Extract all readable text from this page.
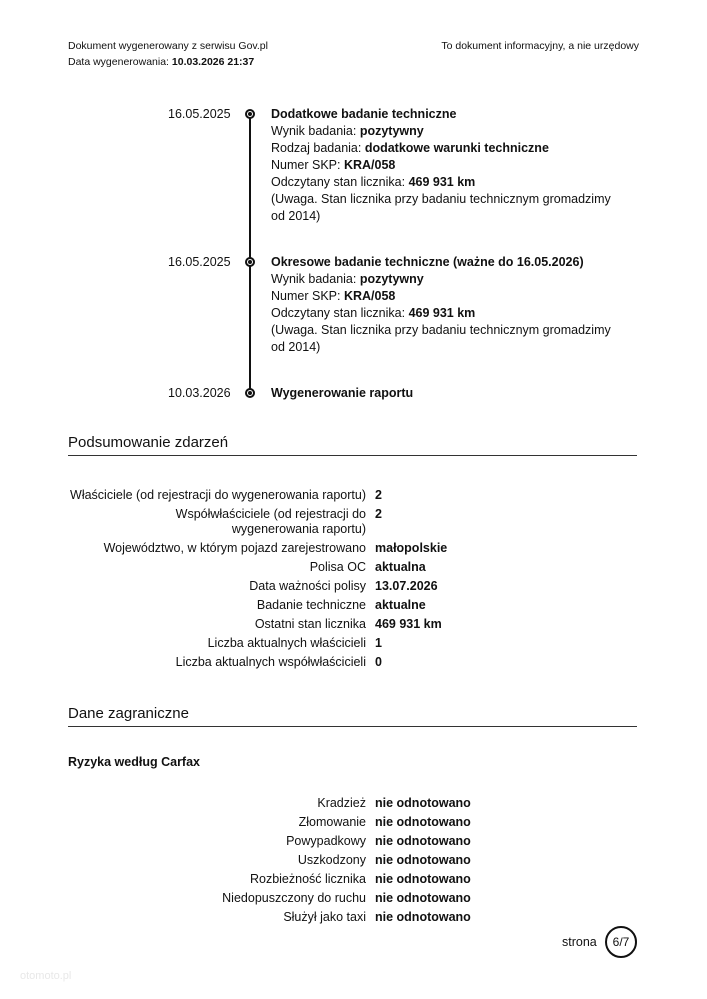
Dokument wygenerowany z serwisu Gov.pl
Data wygenerowania: 10.03.2026 21:37
To dokument informacyjny, a nie urzędowy
16.05.2025	Dodatkowe badanie techniczne
Wynik badania: pozytywny
Rodzaj badania: dodatkowe warunki techniczne
Numer SKP: KRA/058
Odczytany stan licznika: 469 931 km
(Uwaga. Stan licznika przy badaniu technicznym gromadzimy od 2014)
16.05.2025	Okresowe badanie techniczne (ważne do 16.05.2026)
Wynik badania: pozytywny
Numer SKP: KRA/058
Odczytany stan licznika: 469 931 km
(Uwaga. Stan licznika przy badaniu technicznym gromadzimy od 2014)
10.03.2026	Wygenerowanie raportu
Podsumowanie zdarzeń
Właściciele (od rejestracji do wygenerowania raportu) 2
Współwłaściciele (od rejestracji do wygenerowania raportu)
2
Województwo, w którym pojazd zarejestrowano małopolskie
Polisa OC aktualna
Data ważności polisy 13.07.2026
Badanie techniczne aktualne
Ostatni stan licznika 469 931 km
Liczba aktualnych właścicieli 1
Liczba aktualnych współwłaścicieli 0
Dane zagraniczne
Ryzyka według Carfax
Kradzież nie odnotowano
Złomowanie nie odnotowano
Powypadkowy nie odnotowano
Uszkodzony nie odnotowano
Rozbieżność licznika nie odnotowano
Niedopuszczony do ruchu nie odnotowano
Służył jako taxi nie odnotowano
strona	6/7
otomoto.pl
